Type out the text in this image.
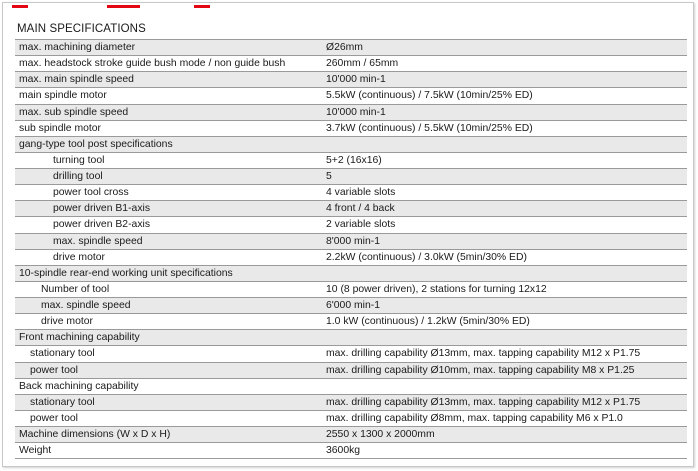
MAIN SPECIFICATIONS
max. machining diameter	Ø26mm
max. headstock stroke guide bush mode / non guide bush	260mm / 65mm
max. main spindle speed	10'000 min-1
main spindle motor	5.5kW (continuous) / 7.5kW (10min/25% ED)
max. sub spindle speed	10'000 min-1
sub spindle motor	3.7kW (continuous) / 5.5kW (10min/25% ED)
gang-type tool post specifications
turning tool	5+2 (16x16)
drilling tool	5
power tool cross	4 variable slots
power driven B1-axis	4 front / 4 back
power driven B2-axis	2 variable slots
max. spindle speed	8'000 min-1
drive motor	2.2kW (continuous) / 3.0kW (5min/30% ED)
10-spindle rear-end working unit specifications
Number of tool	10 (8 power driven), 2 stations for turning 12x12
max. spindle speed	6'000 min-1
drive motor	1.0 kW (continuous) / 1.2kW (5min/30% ED)
Front machining capability
stationary tool	max. drilling capability Ø13mm, max. tapping capability M12 x P1.75
power tool	max. drilling capability Ø10mm, max. tapping capability M8 x P1.25
Back machining capability
stationary tool	max. drilling capability Ø13mm, max. tapping capability M12 x P1.75
power tool	max. drilling capability Ø8mm, max. tapping capability M6 x P1.0
Machine dimensions (W x D x H)	2550 x 1300 x 2000mm
Weight	3600kg
